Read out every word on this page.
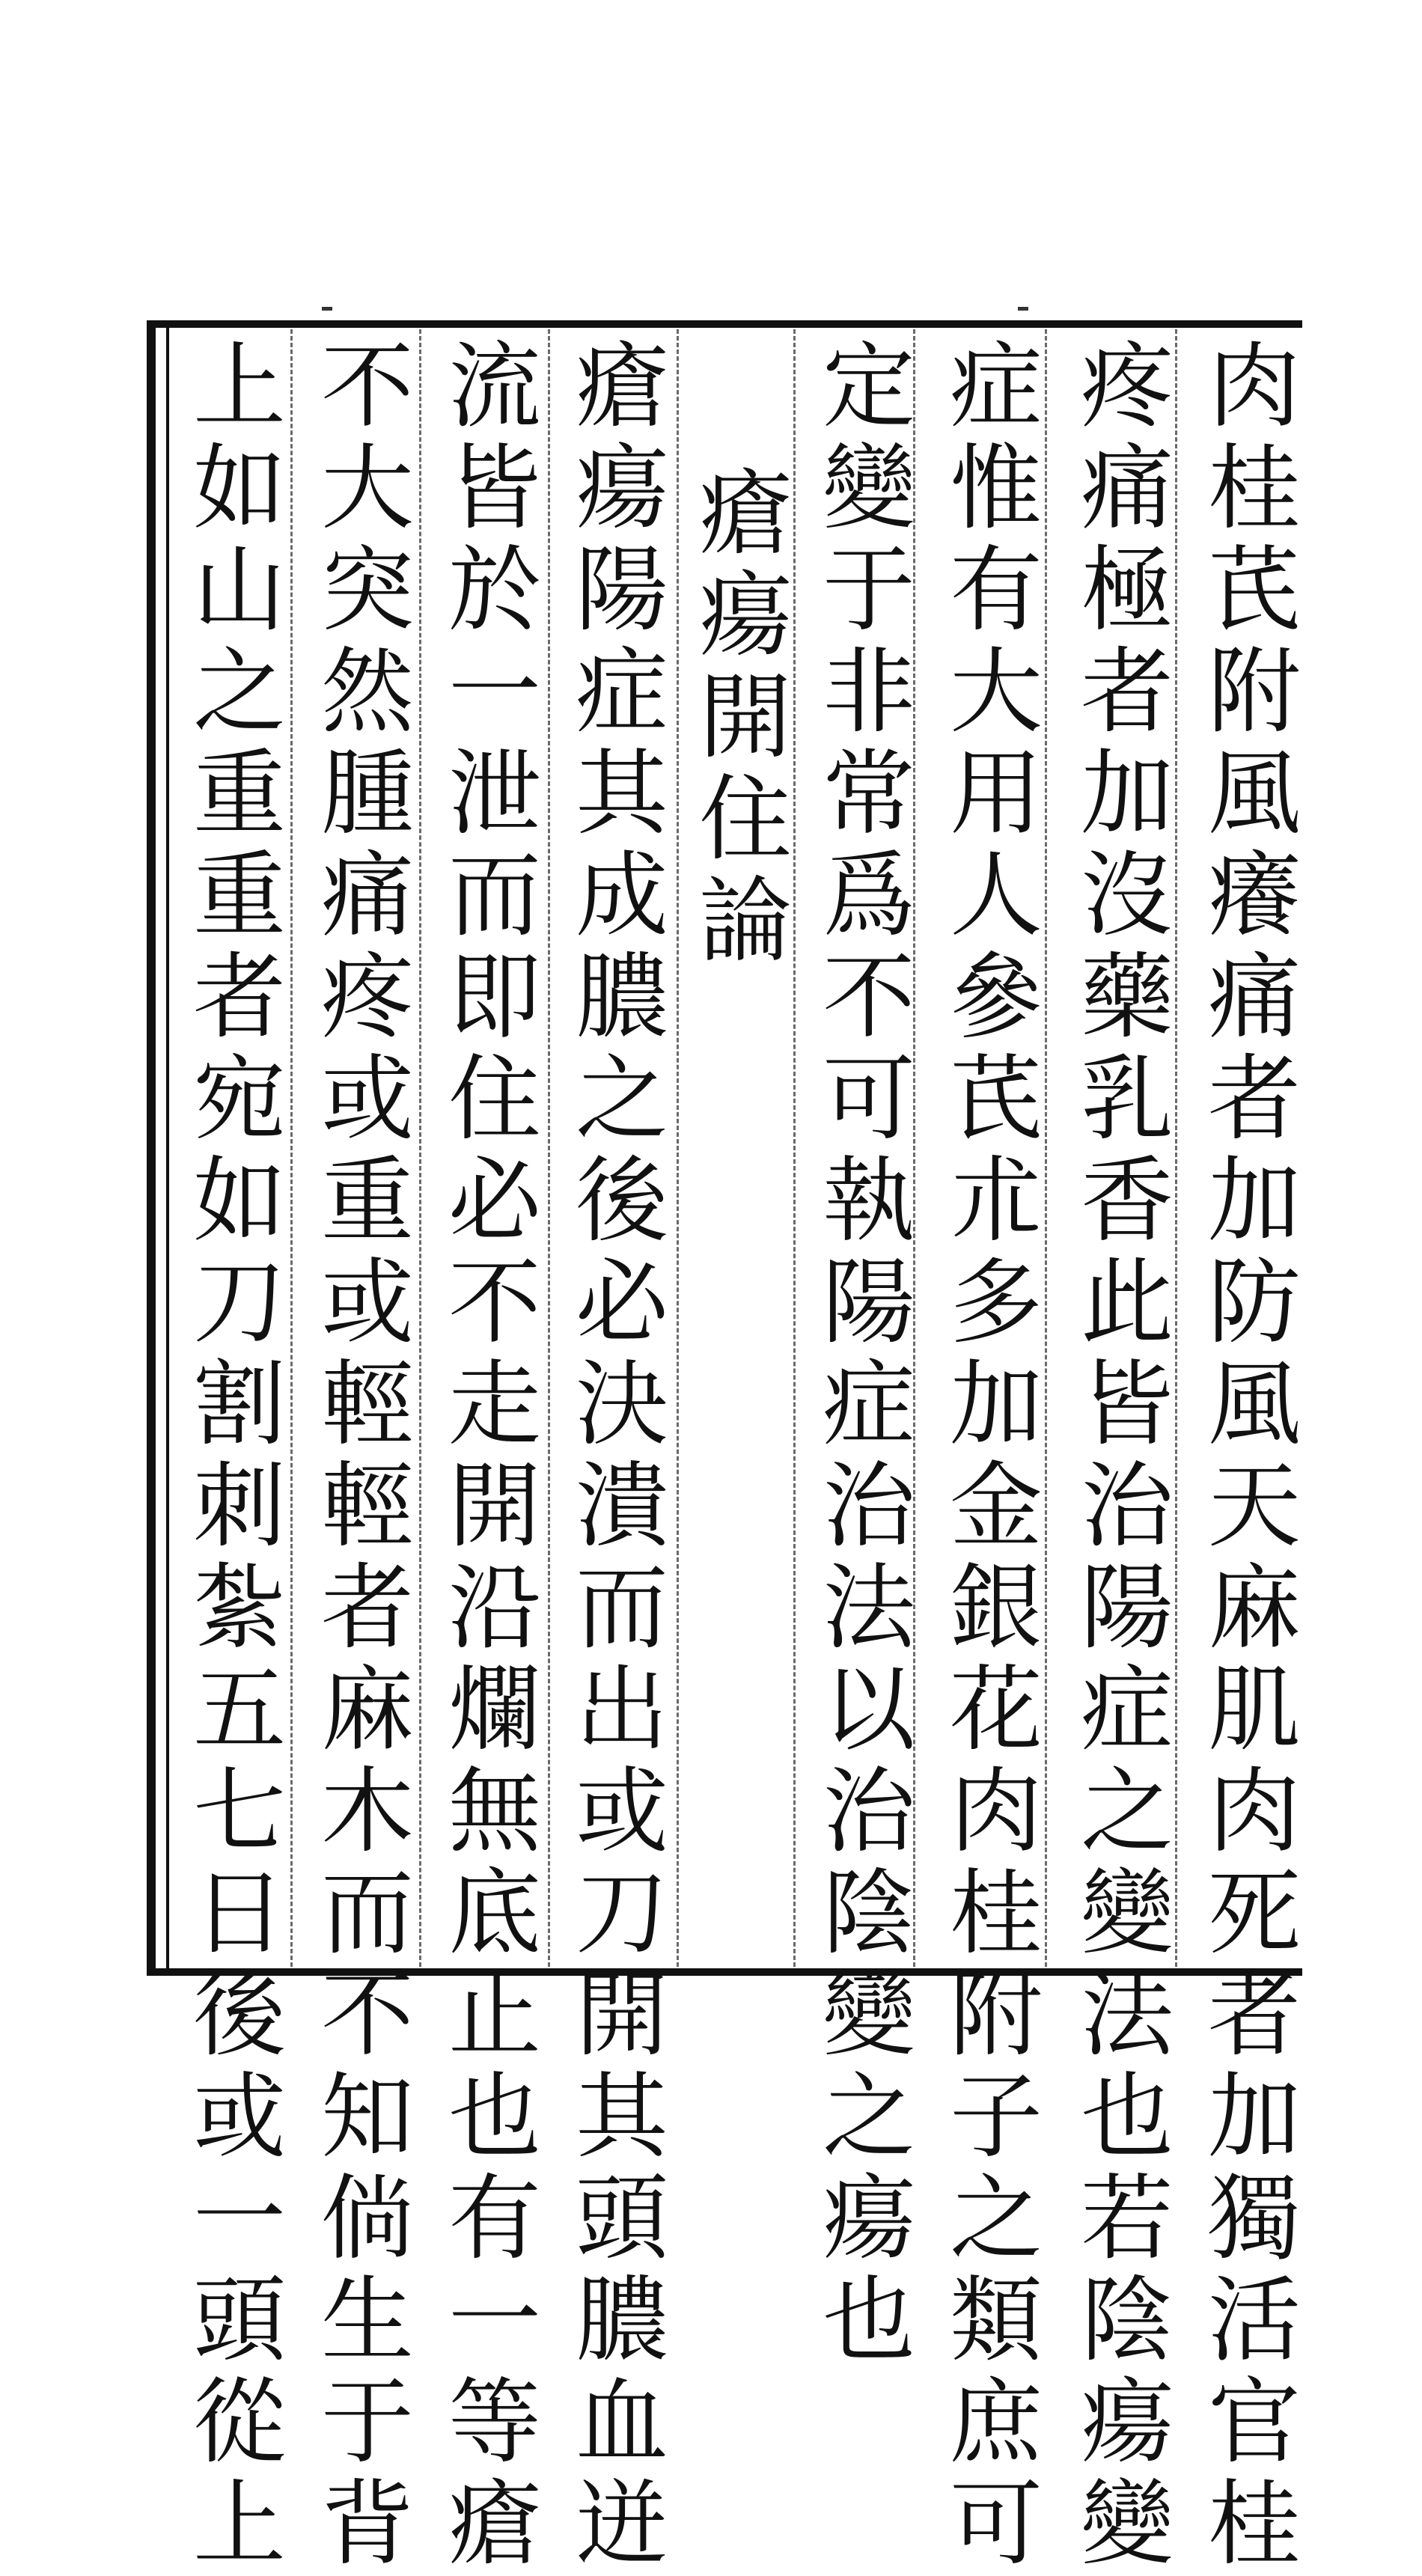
肉桂芪附風癢痛者加防風天麻肌肉死者加獨活官桂
疼痛極者加沒藥乳香此皆治陽症之變法也若陰瘍變
症惟有大用人參芪朮多加金銀花肉桂附子之類庶可
定變于非常爲不可執陽症治法以治陰變之瘍也
瘡瘍開住論
瘡瘍陽症其成膿之後必決潰而出或刀開其頭膿血迸
流皆於一泄而即住必不走開沿爛無底止也有一等瘡
不大突然腫痛疼或重或輕輕者麻木而不知倘生于背
上如山之重重者宛如刀割刺紮五七日後或一頭從上
